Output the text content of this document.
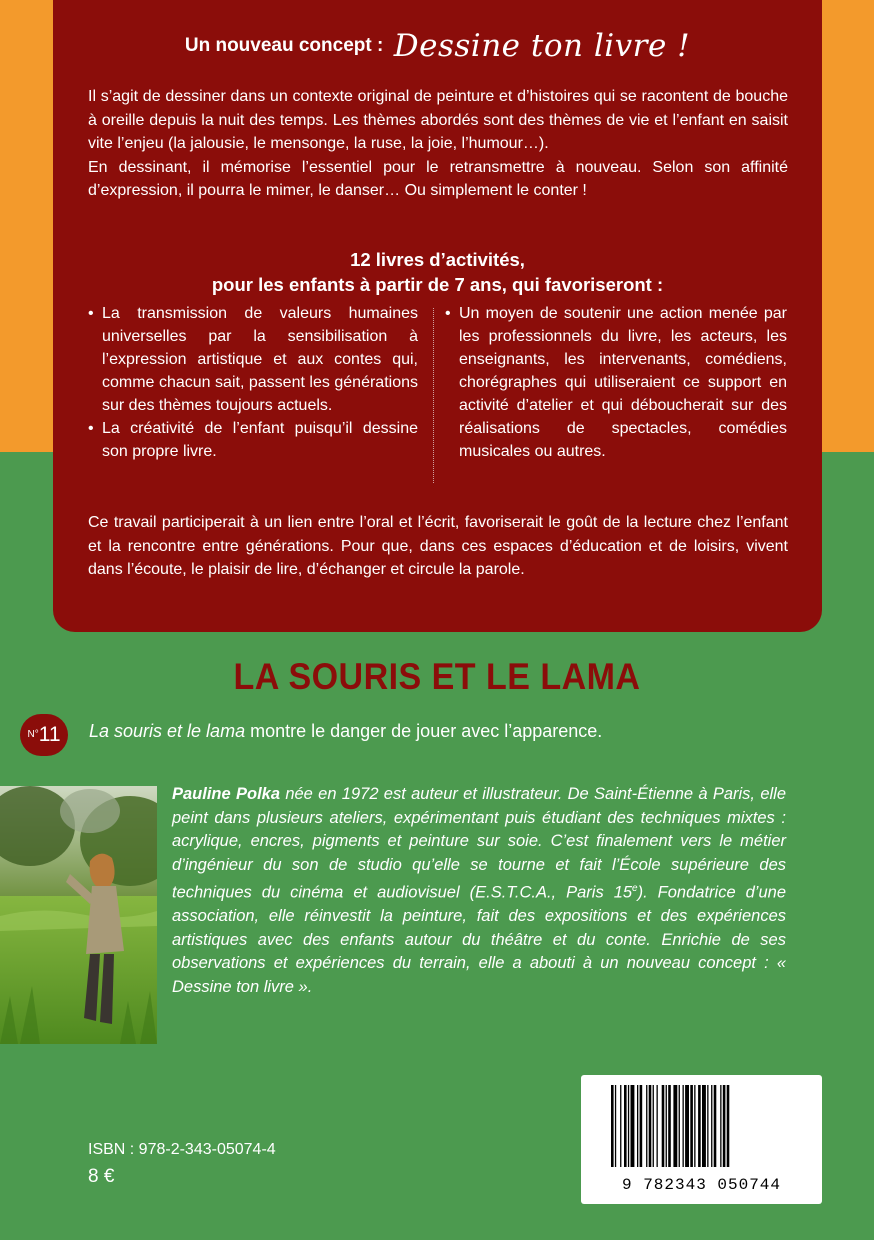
Un nouveau concept : Dessine ton livre !

Il s’agit de dessiner dans un contexte original de peinture et d’histoires qui se racontent de bouche à oreille depuis la nuit des temps. Les thèmes abordés sont des thèmes de vie et l’enfant en saisit vite l’enjeu (la jalousie, le mensonge, la ruse, la joie, l’humour…).

En dessinant, il mémorise l’essentiel pour le retransmettre à nouveau. Selon son affinité d’expression, il pourra le mimer, le danser… Ou simplement le conter !

12 livres d’activités,
pour les enfants à partir de 7 ans, qui favoriseront :
• La transmission de valeurs humaines universelles par la sensibilisation à l’expression artistique et aux contes qui, comme chacun sait, passent les générations sur des thèmes toujours actuels.
• La créativité de l’enfant puisqu’il dessine son propre livre.
• Un moyen de soutenir une action menée par les professionnels du livre, les acteurs, les enseignants, les intervenants, comédiens, chorégraphes qui utiliseraient ce support en activité d’atelier et qui déboucherait sur des réalisations de spectacles, comédies musicales ou autres.

Ce travail participerait à un lien entre l’oral et l’écrit, favoriserait le goût de la lecture chez l’enfant et la rencontre entre générations. Pour que, dans ces espaces d’éducation et de loisirs, vivent dans l’écoute, le plaisir de lire, d’échanger et circule la parole.

LA SOURIS ET LE LAMA
N°11	La souris et le lama montre le danger de jouer avec l’apparence.

Pauline Polka née en 1972 est auteur et illustrateur. De Saint-Étienne à Paris, elle peint dans plusieurs ateliers, expérimentant puis étudiant des techniques mixtes : acrylique, encres, pigments et peinture sur soie. C’est finalement vers le métier d’ingénieur du son de studio qu’elle se tourne et fait l’École supérieure des techniques du cinéma et audiovisuel (E.S.T.C.A., Paris 15e). Fondatrice d’une association, elle réinvestit la peinture, fait des expositions et des expériences artistiques avec des enfants autour du théâtre et du conte. Enrichie de ses observations et expériences du terrain, elle a abouti à un nouveau concept : « Dessine ton livre ».

9 782343 050744
ISBN : 978-2-343-05074-4
8 €
